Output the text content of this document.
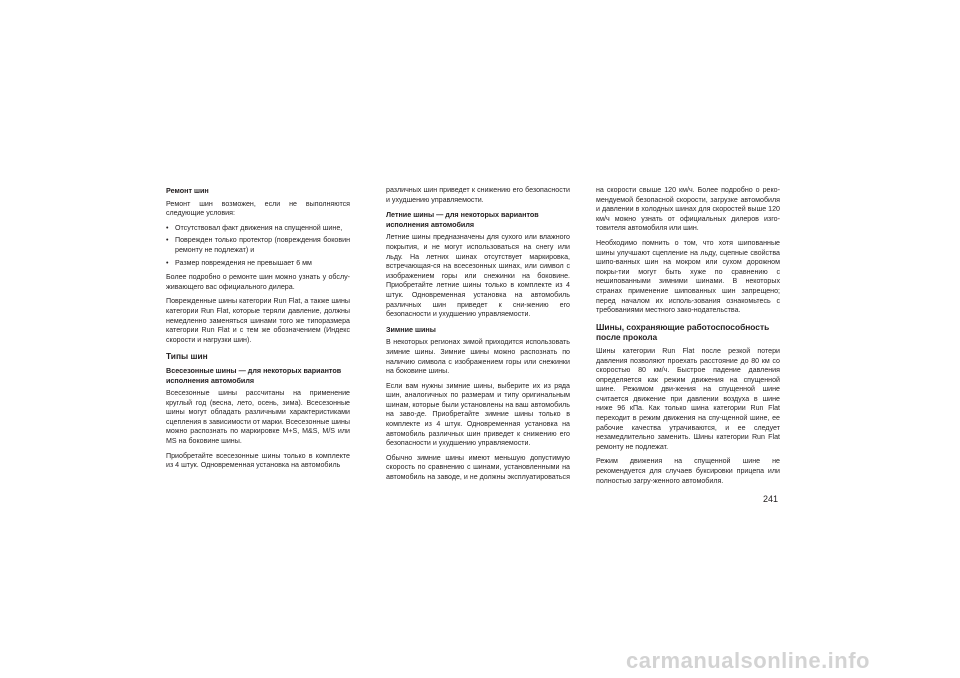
Ремонт шин

Ремонт шин возможен, если не выполняются следующие условия:

• Отсутствовал факт движения на спущенной шине,
• Поврежден только протектор (повреждения боковин ремонту не подлежат) и
• Размер повреждения не превышает 6 мм

Более подробно о ремонте шин можно узнать у обслу-живающего вас официального дилера.

Поврежденные шины категории Run Flat, а также шины категории Run Flat, которые теряли давление, должны немедленно заменяться шинами того же типоразмера категории Run Flat и с тем же обозначением (Индекс скорости и нагрузки шин).

Типы шин
Всесезонные шины — для некоторых вариантов исполнения автомобиля

Всесезонные шины рассчитаны на применение круглый год (весна, лето, осень, зима). Всесезонные шины могут обладать различными характеристиками сцепления в зависимости от марки. Всесезонные шины можно распознать по маркировке M+S, M&S, M/S или MS на боковине шины.

Приобретайте всесезонные шины только в комплекте из 4 штук. Одновременная установка на автомобиль

различных шин приведет к снижению его безопасности и ухудшению управляемости.

Летние шины — для некоторых вариантов исполнения автомобиля

Летние шины предназначены для сухого или влажного покрытия, и не могут использоваться на снегу или льду. На летних шинах отсутствует маркировка, встречающая-ся на всесезонных шинах, или символ с изображением горы или снежинки на боковине. Приобретайте летние шины только в комплекте из 4 штук. Одновременная установка на автомобиль различных шин приведет к сни-жению его безопасности и ухудшению управляемости.

Зимние шины

В некоторых регионах зимой приходится использовать зимние шины. Зимние шины можно распознать по наличию символа с изображением горы или снежинки на боковине шины.

Если вам нужны зимние шины, выберите их из ряда шин, аналогичных по размерам и типу оригинальным шинам, которые были установлены на ваш автомобиль на заво-де. Приобретайте зимние шины только в комплекте из 4 штук. Одновременная установка на автомобиль различных шин приведет к снижению его безопасности и ухудшению управляемости.

Обычно зимние шины имеют меньшую допустимую скорость по сравнению с шинами, установленными на автомобиль на заводе, и не должны эксплуатироваться

на скорости свыше 120 км/ч. Более подробно о реко-мендуемой безопасной скорости, загрузке автомобиля и давлении в холодных шинах для скоростей выше 120 км/ч можно узнать от официальных дилеров изго-товителя автомобиля или шин.

Необходимо помнить о том, что хотя шипованные шины улучшают сцепление на льду, сцепные свойства шипо-ванных шин на мокром или сухом дорожном покры-тии могут быть хуже по сравнению с нешипованными зимними шинами. В некоторых странах применение шипованных шин запрещено; перед началом их исполь-зования ознакомьтесь с требованиями местного зако-нодательства.

Шины, сохраняющие работоспособность после прокола

Шины категории Run Flat после резкой потери давления позволяют проехать расстояние до 80 км со скоростью 80 км/ч. Быстрое падение давления определяется как режим движения на спущенной шине. Режимом дви-жения на спущенной шине считается движение при давлении воздуха в шине ниже 96 кПа. Как только шина категории Run Flat переходит в режим движения на спу-щенной шине, ее рабочие качества утрачиваются, и ее следует незамедлительно заменить. Шины категории Run Flat ремонту не подлежат.

Режим движения на спущенной шине не рекомендуется для случаев буксировки прицепа или полностью загру-женного автомобиля.

241
carmanualsonline.info
